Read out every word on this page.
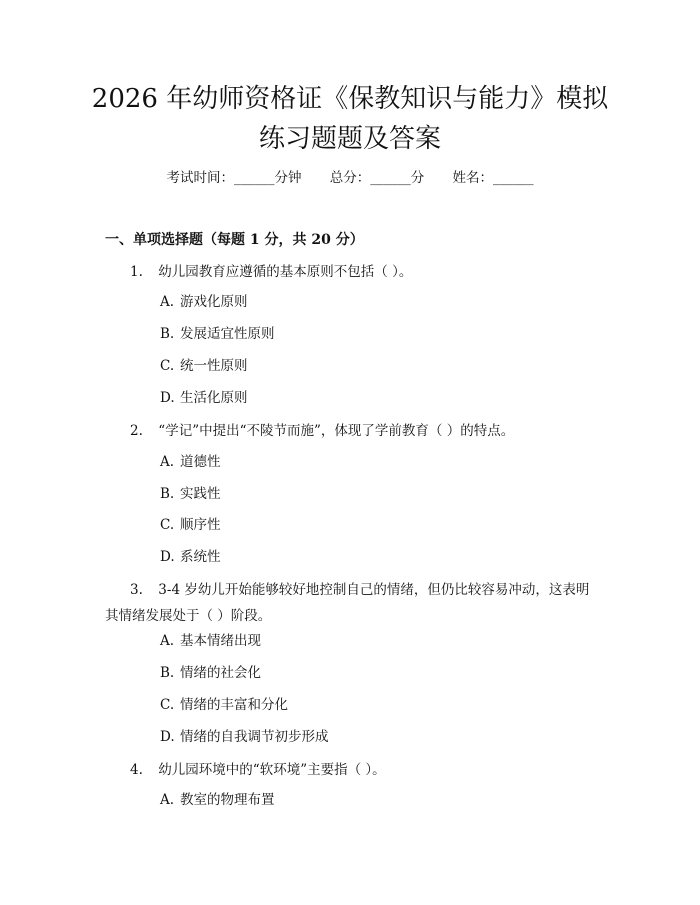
2026 年幼师资格证《保教知识与能力》模拟
练习题题及答案
考试时间：______分钟 总分：______分 姓名：______
一、单项选择题（每题 1 分，共 20 分）
1. 幼儿园教育应遵循的基本原则不包括（ ）。
A. 游戏化原则
B. 发展适宜性原则
C. 统一性原则
D. 生活化原则
2. “学记”中提出“不陵节而施”，体现了学前教育（ ）的特点。
A. 道德性
B. 实践性
C. 顺序性
D. 系统性
3. 3-4 岁幼儿开始能够较好地控制自己的情绪，但仍比较容易冲动，这表明其情绪发展处于（ ）阶段。
A. 基本情绪出现
B. 情绪的社会化
C. 情绪的丰富和分化
D. 情绪的自我调节初步形成
4. 幼儿园环境中的“软环境”主要指（ ）。
A. 教室的物理布置
